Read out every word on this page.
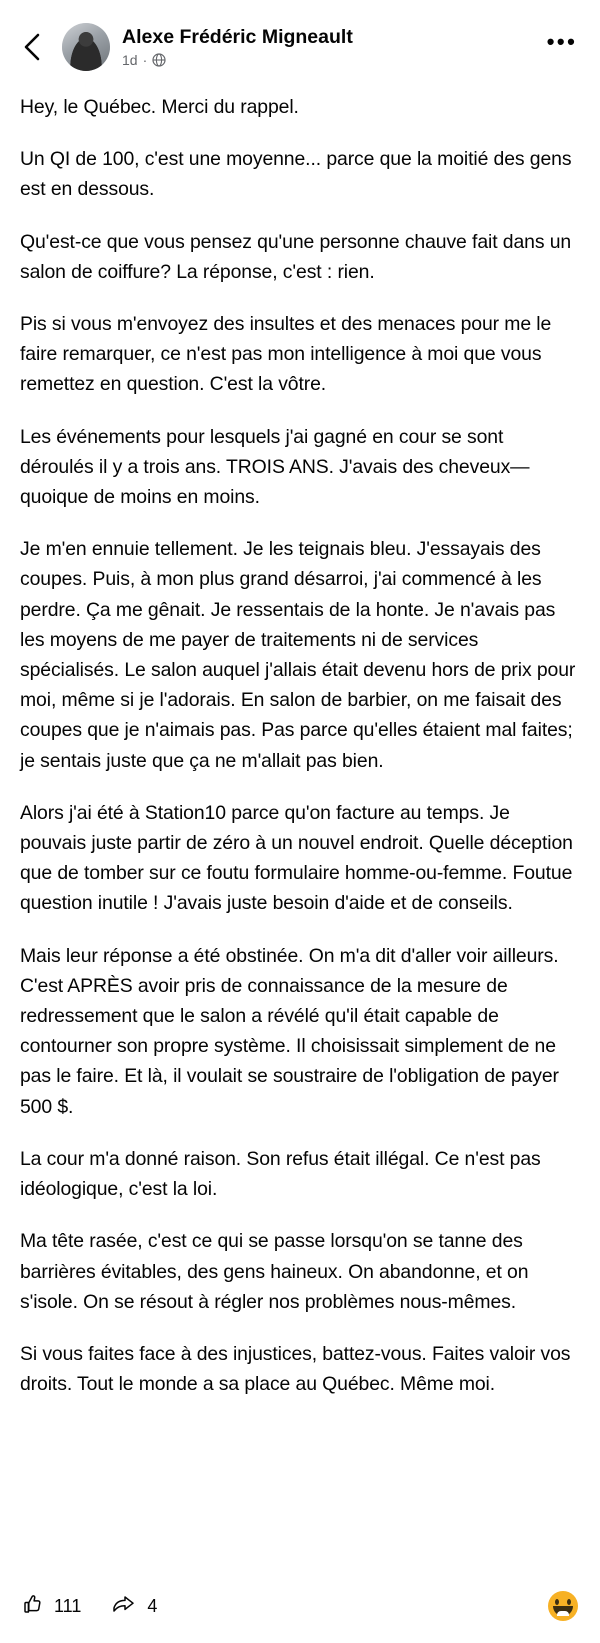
Alexe Frédéric Migneault
1d ·
•••

Hey, le Québec. Merci du rappel.

Un QI de 100, c'est une moyenne... parce que la moitié des gens est en dessous.

Qu'est-ce que vous pensez qu'une personne chauve fait dans un salon de coiffure? La réponse, c'est : rien.

Pis si vous m'envoyez des insultes et des menaces pour me le faire remarquer, ce n'est pas mon intelligence à moi que vous remettez en question. C'est la vôtre.

Les événements pour lesquels j'ai gagné en cour se sont déroulés il y a trois ans. TROIS ANS. J'avais des cheveux—quoique de moins en moins.

Je m'en ennuie tellement. Je les teignais bleu. J'essayais des coupes. Puis, à mon plus grand désarroi, j'ai commencé à les perdre. Ça me gênait. Je ressentais de la honte. Je n'avais pas les moyens de me payer de traitements ni de services spécialisés. Le salon auquel j'allais était devenu hors de prix pour moi, même si je l'adorais. En salon de barbier, on me faisait des coupes que je n'aimais pas. Pas parce qu'elles étaient mal faites; je sentais juste que ça ne m'allait pas bien.

Alors j'ai été à Station10 parce qu'on facture au temps. Je pouvais juste partir de zéro à un nouvel endroit. Quelle déception que de tomber sur ce foutu formulaire homme-ou-femme. Foutue question inutile ! J'avais juste besoin d'aide et de conseils.

Mais leur réponse a été obstinée. On m'a dit d'aller voir ailleurs. C'est APRÈS avoir pris de connaissance de la mesure de redressement que le salon a révélé qu'il était capable de contourner son propre système. Il choisissait simplement de ne pas le faire. Et là, il voulait se soustraire de l'obligation de payer 500 $.

La cour m'a donné raison. Son refus était illégal. Ce n'est pas idéologique, c'est la loi.

Ma tête rasée, c'est ce qui se passe lorsqu'on se tanne des barrières évitables, des gens haineux. On abandonne, et on s'isole. On se résout à régler nos problèmes nous-mêmes.

Si vous faites face à des injustices, battez-vous. Faites valoir vos droits. Tout le monde a sa place au Québec. Même moi.

111	4
